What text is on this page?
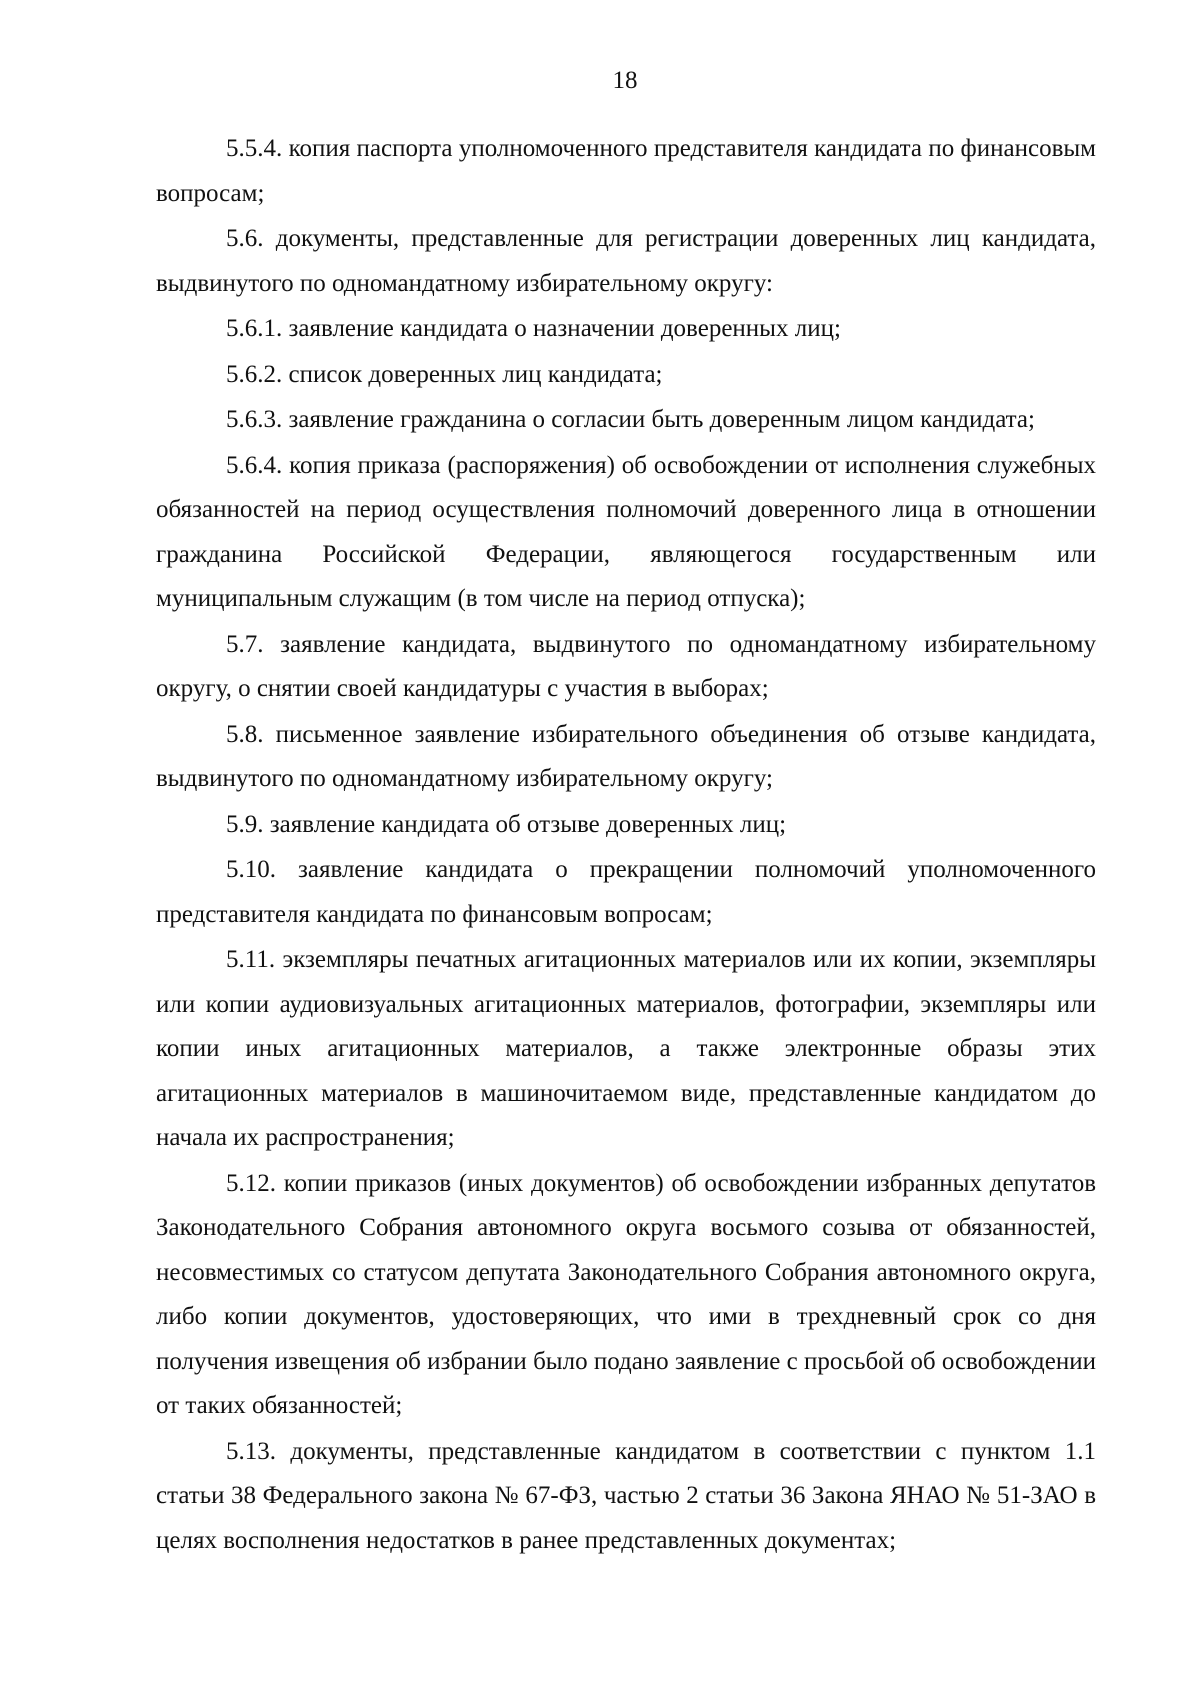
18

5.5.4. копия паспорта уполномоченного представителя кандидата по финансовым вопросам;

5.6. документы, представленные для регистрации доверенных лиц кандидата, выдвинутого по одномандатному избирательному округу:

5.6.1. заявление кандидата о назначении доверенных лиц;

5.6.2. список доверенных лиц кандидата;

5.6.3. заявление гражданина о согласии быть доверенным лицом кандидата;

5.6.4. копия приказа (распоряжения) об освобождении от исполнения служебных обязанностей на период осуществления полномочий доверенного лица в отношении гражданина Российской Федерации, являющегося государственным или муниципальным служащим (в том числе на период отпуска);

5.7. заявление кандидата, выдвинутого по одномандатному избирательному округу, о снятии своей кандидатуры с участия в выборах;

5.8. письменное заявление избирательного объединения об отзыве кандидата, выдвинутого по одномандатному избирательному округу;

5.9. заявление кандидата об отзыве доверенных лиц;

5.10. заявление кандидата о прекращении полномочий уполномоченного представителя кандидата по финансовым вопросам;

5.11. экземпляры печатных агитационных материалов или их копии, экземпляры или копии аудиовизуальных агитационных материалов, фотографии, экземпляры или копии иных агитационных материалов, а также электронные образы этих агитационных материалов в машиночитаемом виде, представленные кандидатом до начала их распространения;

5.12. копии приказов (иных документов) об освобождении избранных депутатов Законодательного Собрания автономного округа восьмого созыва от обязанностей, несовместимых со статусом депутата Законодательного Собрания автономного округа, либо копии документов, удостоверяющих, что ими в трехдневный срок со дня получения извещения об избрании было подано заявление с просьбой об освобождении от таких обязанностей;

5.13. документы, представленные кандидатом в соответствии с пунктом 1.1 статьи 38 Федерального закона № 67-ФЗ, частью 2 статьи 36 Закона ЯНАО № 51-ЗАО в целях восполнения недостатков в ранее представленных документах;
